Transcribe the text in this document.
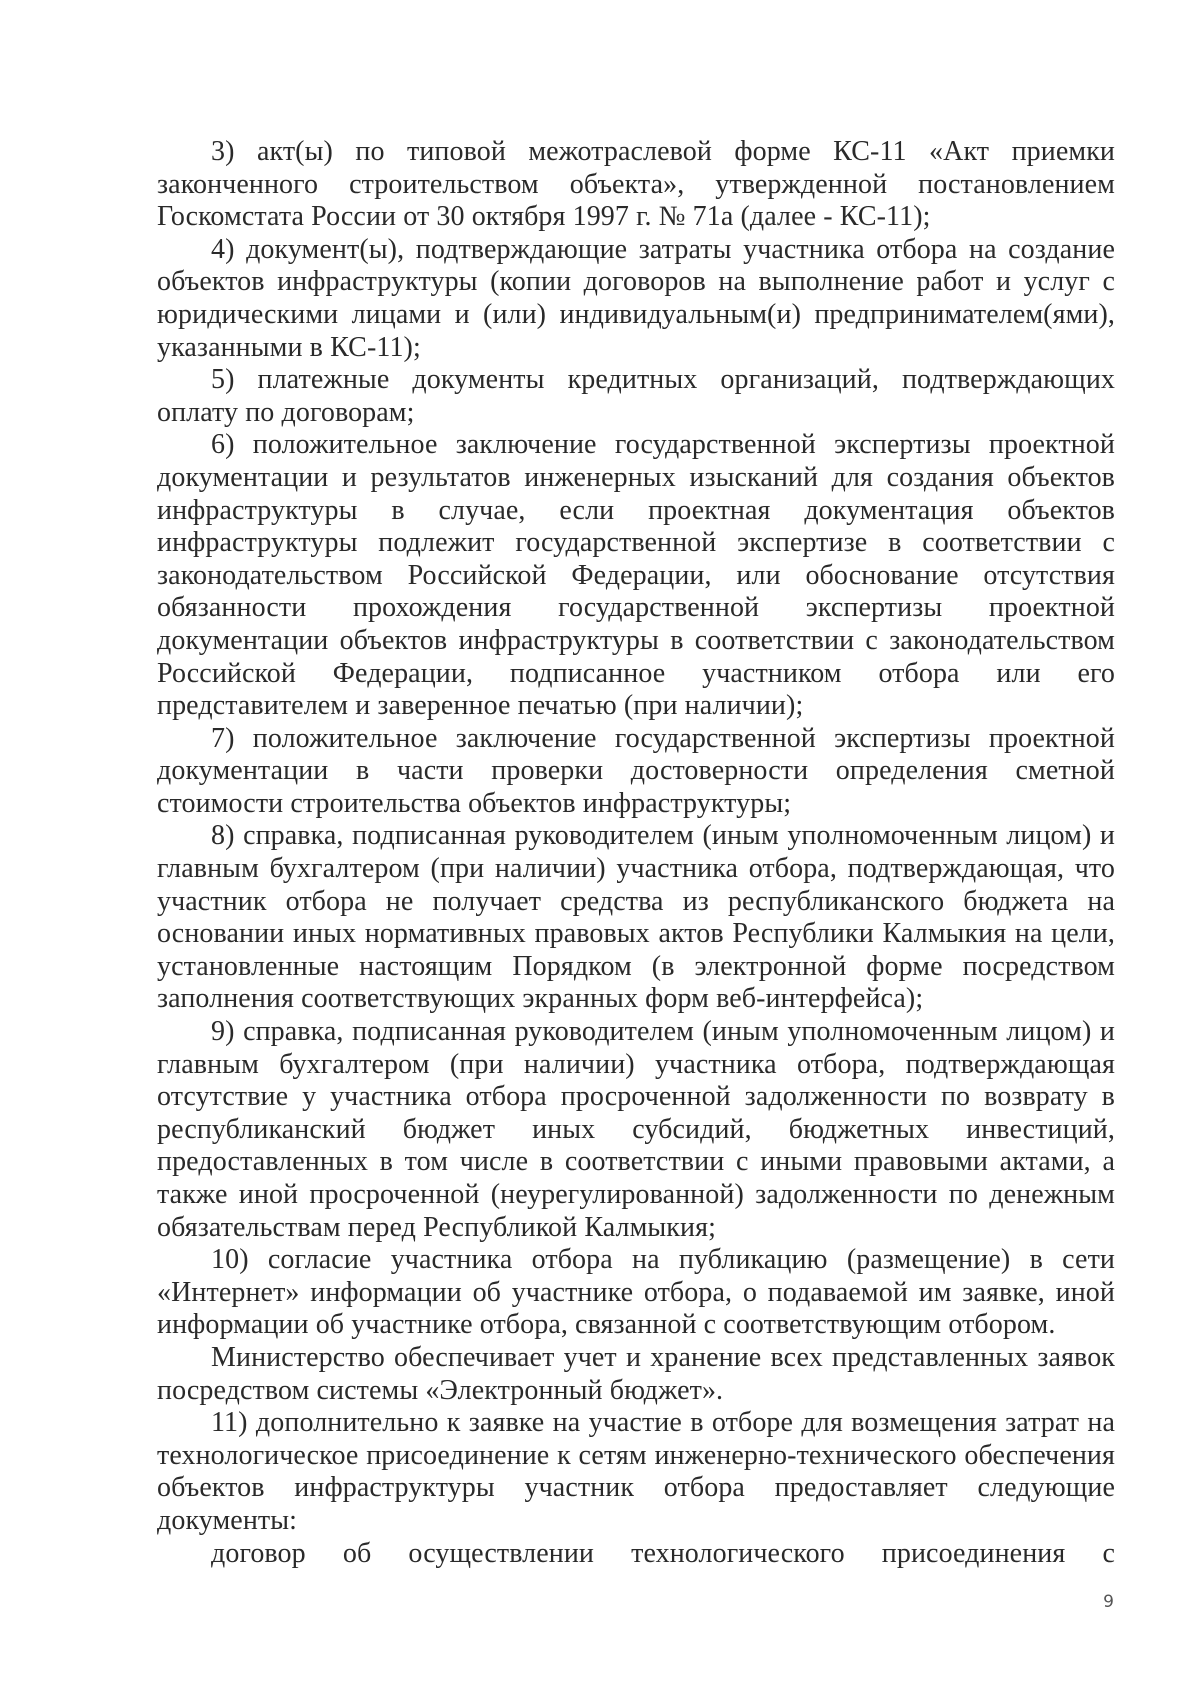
3) акт(ы) по типовой межотраслевой форме КС-11 «Акт приемки законченного строительством объекта», утвержденной постановлением Госкомстата России от 30 октября 1997 г. № 71а (далее - КС-11);

4) документ(ы), подтверждающие затраты участника отбора на создание объектов инфраструктуры (копии договоров на выполнение работ и услуг с юридическими лицами и (или) индивидуальным(и) предпринимателем(ями), указанными в КС-11);

5) платежные документы кредитных организаций, подтверждающих оплату по договорам;

6) положительное заключение государственной экспертизы проектной документации и результатов инженерных изысканий для создания объектов инфраструктуры в случае, если проектная документация объектов инфраструктуры подлежит государственной экспертизе в соответствии с законодательством Российской Федерации, или обоснование отсутствия обязанности прохождения государственной экспертизы проектной документации объектов инфраструктуры в соответствии с законодательством Российской Федерации, подписанное участником отбора или его представителем и заверенное печатью (при наличии);

7) положительное заключение государственной экспертизы проектной документации в части проверки достоверности определения сметной стоимости строительства объектов инфраструктуры;

8) справка, подписанная руководителем (иным уполномоченным лицом) и главным бухгалтером (при наличии) участника отбора, подтверждающая, что участник отбора не получает средства из республиканского бюджета на основании иных нормативных правовых актов Республики Калмыкия на цели, установленные настоящим Порядком (в электронной форме посредством заполнения соответствующих экранных форм веб-интерфейса);

9) справка, подписанная руководителем (иным уполномоченным лицом) и главным бухгалтером (при наличии) участника отбора, подтверждающая отсутствие у участника отбора просроченной задолженности по возврату в республиканский бюджет иных субсидий, бюджетных инвестиций, предоставленных в том числе в соответствии с иными правовыми актами, а также иной просроченной (неурегулированной) задолженности по денежным обязательствам перед Республикой Калмыкия;

10) согласие участника отбора на публикацию (размещение) в сети «Интернет» информации об участнике отбора, о подаваемой им заявке, иной информации об участнике отбора, связанной с соответствующим отбором.

Министерство обеспечивает учет и хранение всех представленных заявок посредством системы «Электронный бюджет».

11) дополнительно к заявке на участие в отборе для возмещения затрат на технологическое присоединение к сетям инженерно-технического обеспечения объектов инфраструктуры участник отбора предоставляет следующие документы:

договор об осуществлении технологического присоединения с

9
